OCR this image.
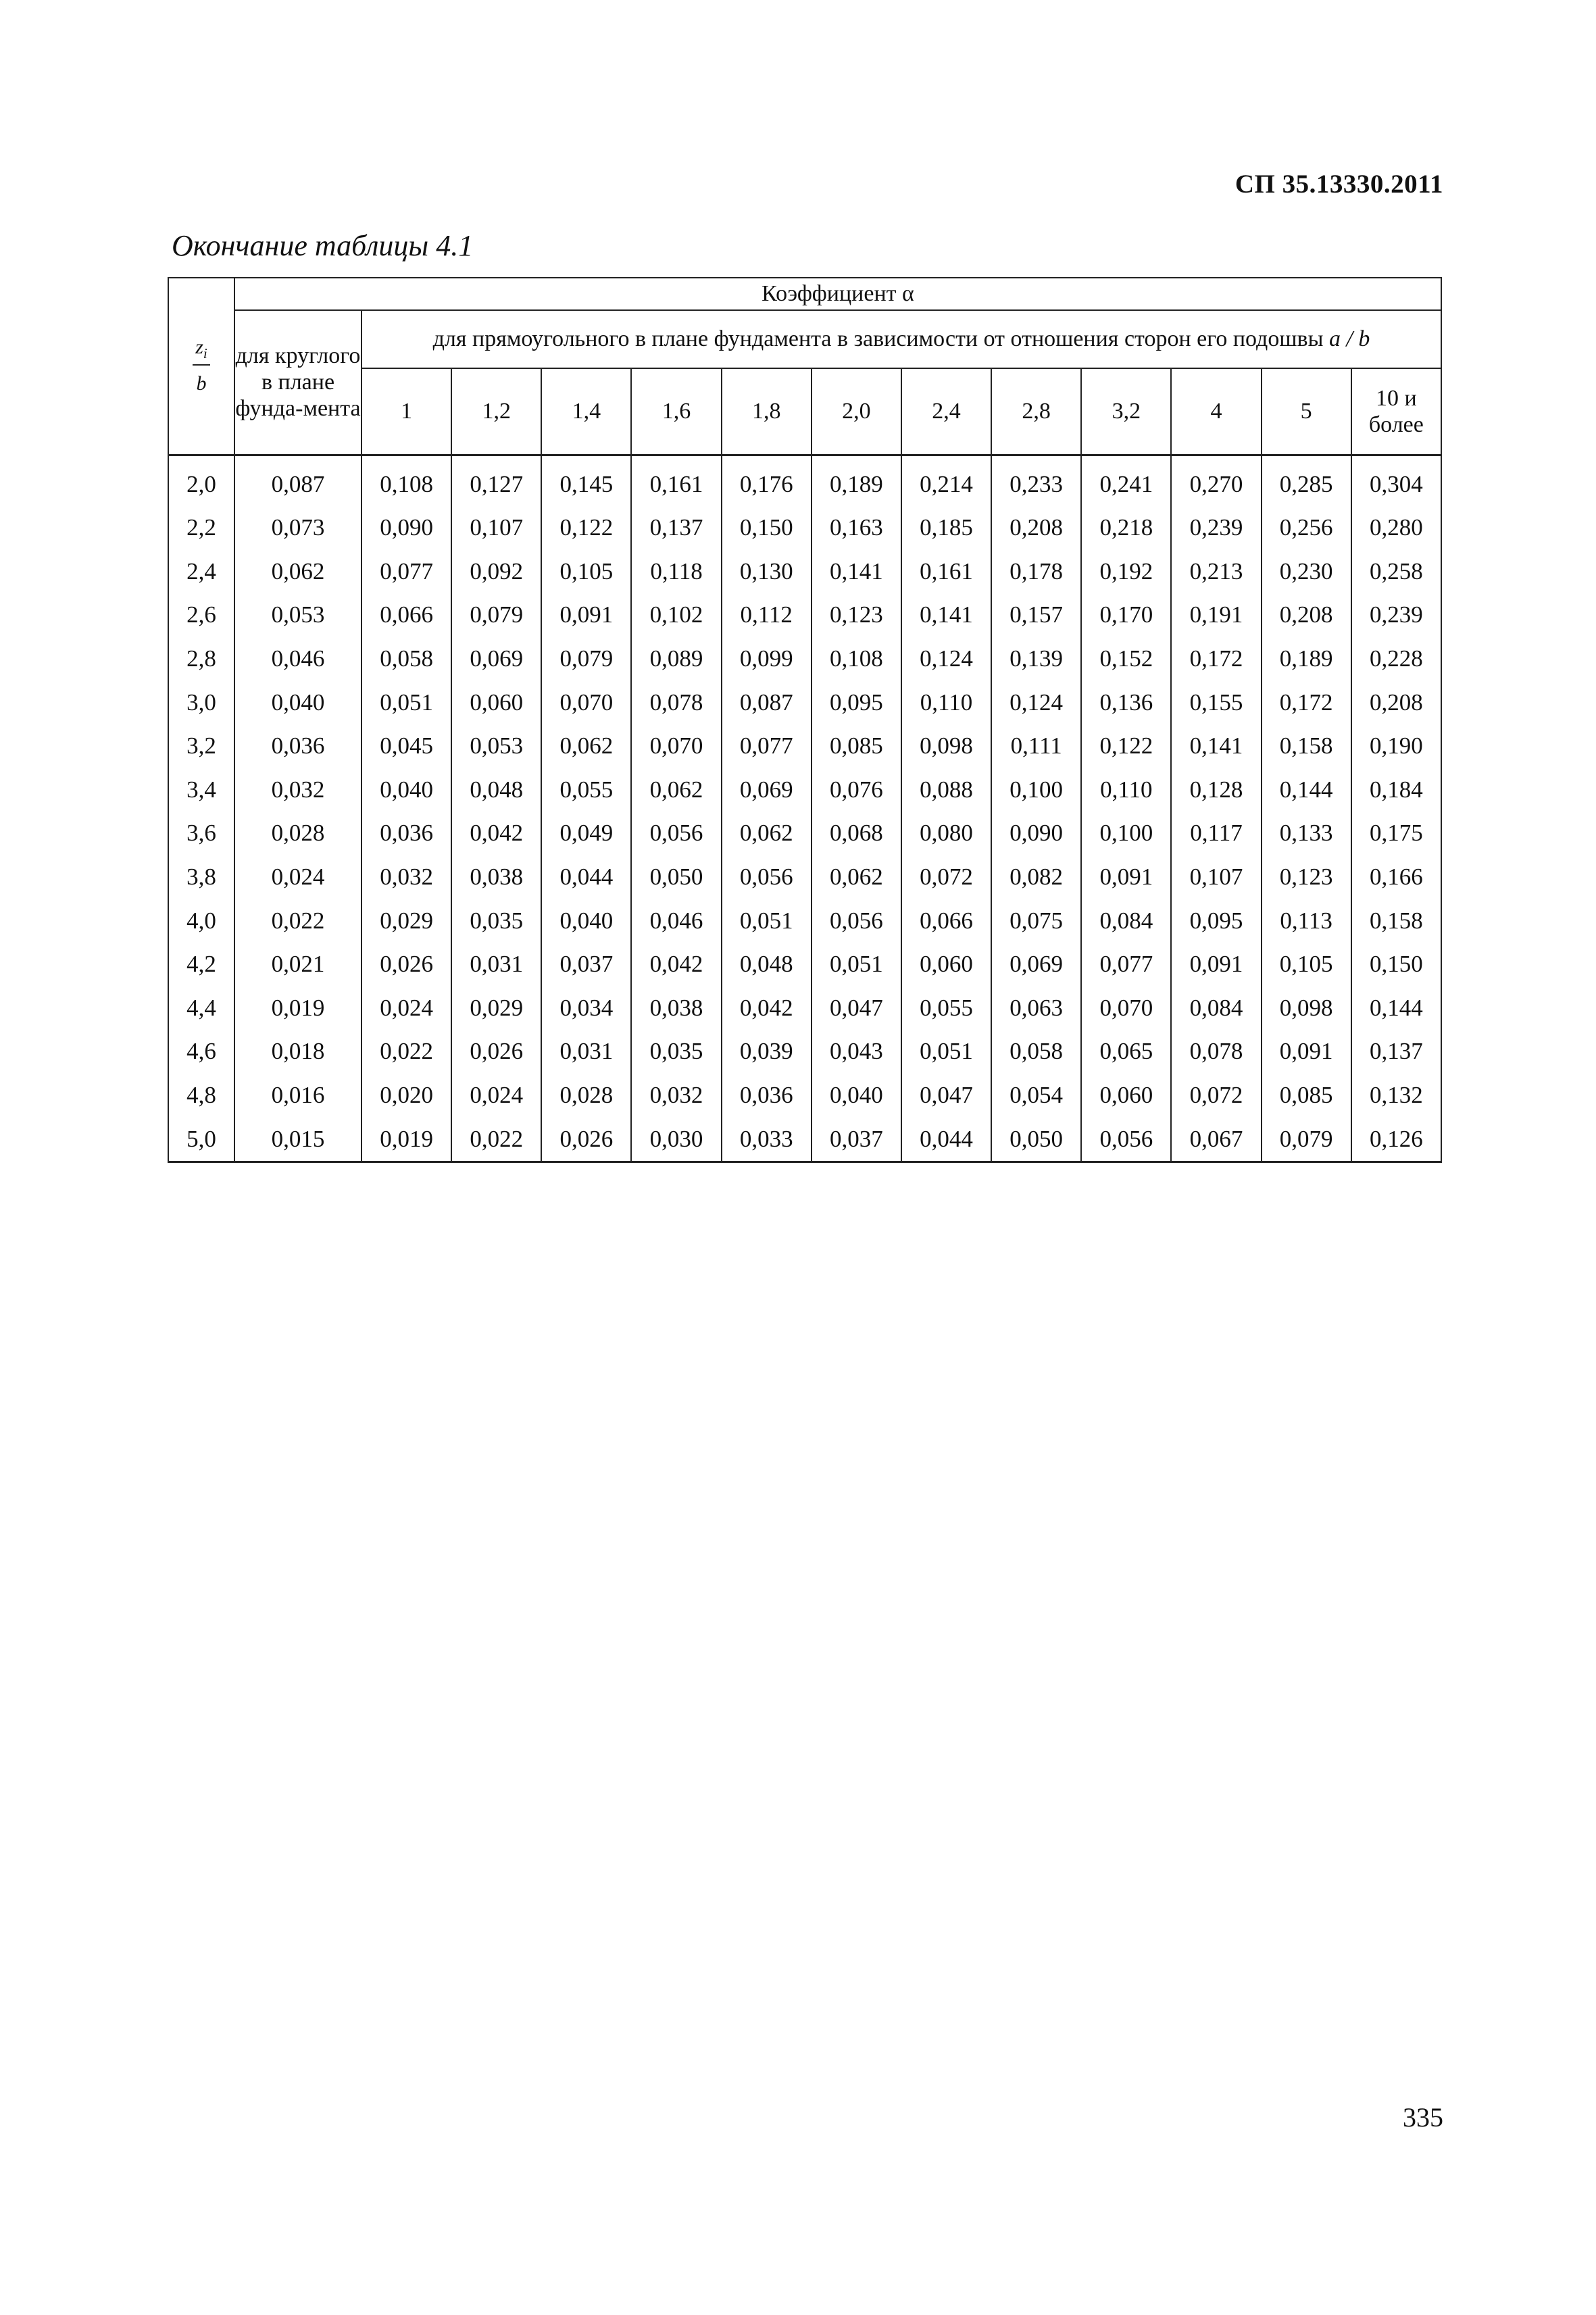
СП 35.13330.2011
Окончание таблицы 4.1
$\frac{z_i}{b}$	Коэффициент α												
	для круглого в плане фунда-мента	для прямоугольного в плане фундамента в зависимости от отношения сторон его подошвы a / b											
		1	1,2	1,4	1,6	1,8	2,0	2,4	2,8	3,2	4	5	10 и более
2,0	0,087	0,108	0,127	0,145	0,161	0,176	0,189	0,214	0,233	0,241	0,270	0,285	0,304
2,2	0,073	0,090	0,107	0,122	0,137	0,150	0,163	0,185	0,208	0,218	0,239	0,256	0,280
2,4	0,062	0,077	0,092	0,105	0,118	0,130	0,141	0,161	0,178	0,192	0,213	0,230	0,258
2,6	0,053	0,066	0,079	0,091	0,102	0,112	0,123	0,141	0,157	0,170	0,191	0,208	0,239
2,8	0,046	0,058	0,069	0,079	0,089	0,099	0,108	0,124	0,139	0,152	0,172	0,189	0,228
3,0	0,040	0,051	0,060	0,070	0,078	0,087	0,095	0,110	0,124	0,136	0,155	0,172	0,208
3,2	0,036	0,045	0,053	0,062	0,070	0,077	0,085	0,098	0,111	0,122	0,141	0,158	0,190
3,4	0,032	0,040	0,048	0,055	0,062	0,069	0,076	0,088	0,100	0,110	0,128	0,144	0,184
3,6	0,028	0,036	0,042	0,049	0,056	0,062	0,068	0,080	0,090	0,100	0,117	0,133	0,175
3,8	0,024	0,032	0,038	0,044	0,050	0,056	0,062	0,072	0,082	0,091	0,107	0,123	0,166
4,0	0,022	0,029	0,035	0,040	0,046	0,051	0,056	0,066	0,075	0,084	0,095	0,113	0,158
4,2	0,021	0,026	0,031	0,037	0,042	0,048	0,051	0,060	0,069	0,077	0,091	0,105	0,150
4,4	0,019	0,024	0,029	0,034	0,038	0,042	0,047	0,055	0,063	0,070	0,084	0,098	0,144
4,6	0,018	0,022	0,026	0,031	0,035	0,039	0,043	0,051	0,058	0,065	0,078	0,091	0,137
4,8	0,016	0,020	0,024	0,028	0,032	0,036	0,040	0,047	0,054	0,060	0,072	0,085	0,132
5,0	0,015	0,019	0,022	0,026	0,030	0,033	0,037	0,044	0,050	0,056	0,067	0,079	0,126
335
